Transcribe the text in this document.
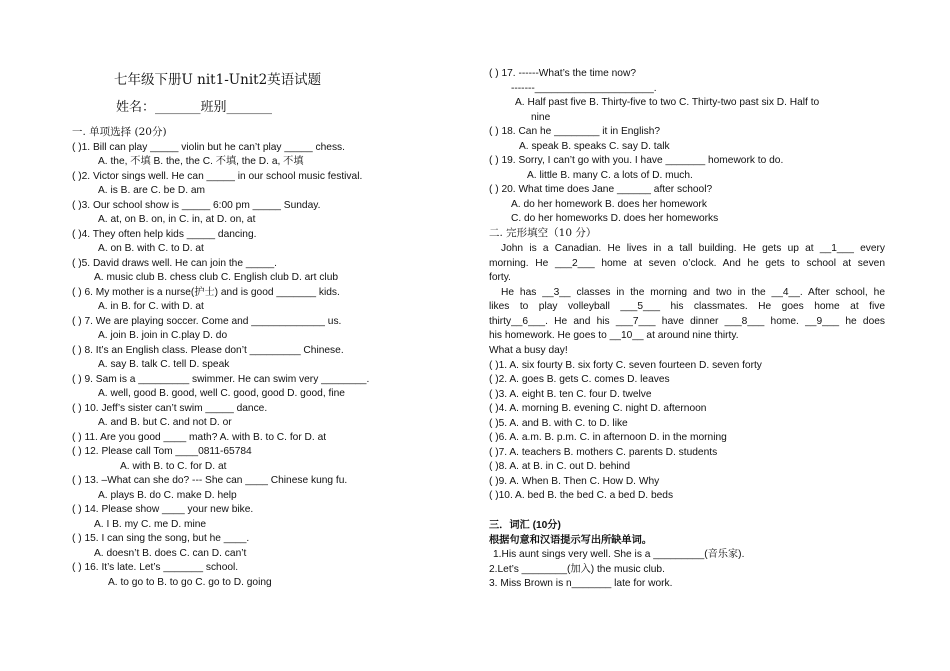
七年级下册U nit1-Unit2英语试题
姓名：_______班别_______
一. 单项选择 (20分)
( )1. Bill can play _____ violin but he can’t play _____ chess.
A. the, 不填 B. the, the C. 不填, the D. a, 不填
( )2. Victor sings well. He can _____ in our school music festival.
A. is B. are C. be D. am
( )3. Our school show is _____ 6:00 pm _____ Sunday.
A. at, on B. on, in C. in, at D. on, at
( )4. They often help kids _____ dancing.
A. on B. with C. to D. at
( )5. David draws well. He can join the _____.
A. music club B. chess club C. English club D. art club
( ) 6. My mother is a nurse(护士) and is good _______ kids.
A. in B. for C. with D. at
( ) 7. We are playing soccer. Come and _____________ us.
A. join B. join in C.play D. do
( ) 8. It’s an English class. Please don’t _________ Chinese.
A. say B. talk C. tell D. speak
( ) 9. Sam is a _________ swimmer. He can swim very ________.
A. well, good B. good, well C. good, good D. good, fine
( ) 10. Jeff’s sister can’t swim _____ dance.
A. and B. but C. and not D. or
( ) 11. Are you good ____ math? A. with B. to C. for D. at
( ) 12. Please call Tom ____0811-65784
A. with B. to C. for D. at
( ) 13. –What can she do? --- She can ____ Chinese kung fu.
A. plays B. do C. make D. help
( ) 14. Please show ____ your new bike.
A. I B. my C. me D. mine
( ) 15. I can sing the song, but he ____.
A. doesn’t B. does C. can D. can’t
( ) 16. It’s late. Let’s _______ school.
A. to go to B. to go C. go to D. going
( ) 17. ------What’s the time now?
-------_____________________.
A. Half past five B. Thirty-five to two C. Thirty-two past six D. Half to
nine
( ) 18. Can he ________ it in English?
A. speak B. speaks C. say D. talk
( ) 19. Sorry, I can’t go with you. I have _______ homework to do.
A. little B. many C. a lots of D. much.
( ) 20. What time does Jane ______ after school?
A. do her homework B. does her homework
C. do her homeworks D. does her homeworks
二. 完形填空（10 分）
John is a Canadian. He lives in a tall building. He gets up at __1___ every
morning. He ___2___ home at seven o’clock. And he gets to school at seven
forty.
He has __3__ classes in the morning and two in the __4__. After school, he
likes to play volleyball ___5___ his classmates. He goes home at five
thirty__6___. He and his ___7___ have dinner ___8___ home. __9___ he does
his homework. He goes to __10__ at around nine thirty.
What a busy day!
( )1. A. six fourty B. six forty C. seven fourteen D. seven forty
( )2. A. goes B. gets C. comes D. leaves
( )3. A. eight B. ten C. four D. twelve
( )4. A. morning B. evening C. night D. afternoon
( )5. A. and B. with C. to D. like
( )6. A. a.m. B. p.m. C. in afternoon D. in the morning
( )7. A. teachers B. mothers C. parents D. students
( )8. A. at B. in C. out D. behind
( )9. A. When B. Then C. How D. Why
( )10. A. bed B. the bed C. a bed D. beds
三．词汇 (10分)
根据句意和汉语提示写出所缺单词。
1.His aunt sings very well. She is a _________(音乐家).
2.Let’s ________(加入) the music club.
3. Miss Brown is n_______ late for work.
